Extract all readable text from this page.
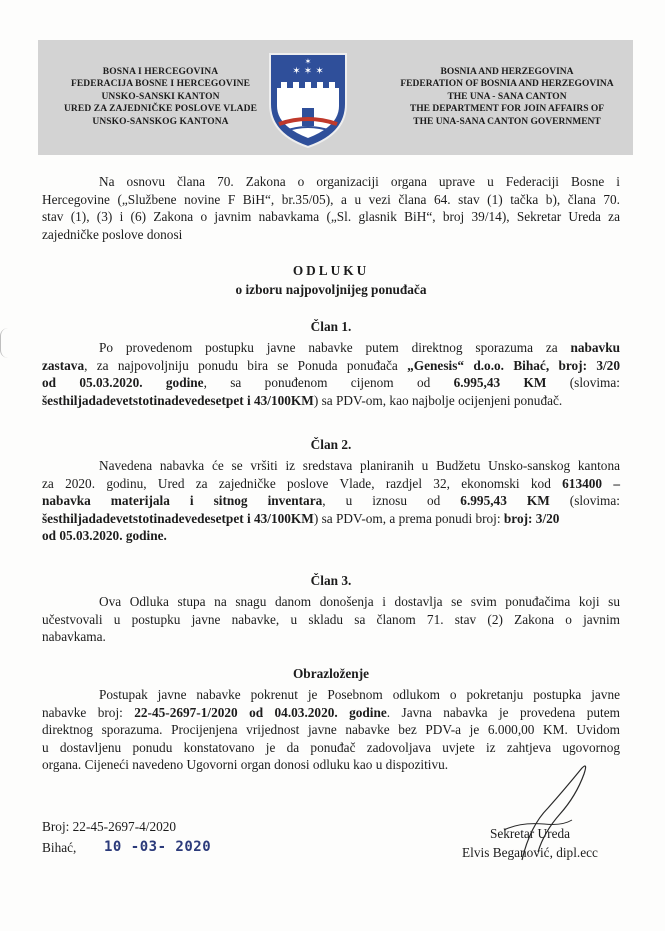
BOSNA I HERCEGOVINA
FEDERACIJA BOSNE I HERCEGOVINE
UNSKO-SANSKI KANTON
URED ZA ZAJEDNIČKE POSLOVE VLADE
UNSKO-SANSKOG KANTONA
✶ ✶ ✶
✶
BOSNIA AND HERZEGOVINA
FEDERATION OF BOSNIA AND HERZEGOVINA
THE UNA - SANA CANTON
THE DEPARTMENT FOR JOIN AFFAIRS OF
THE UNA-SANA CANTON GOVERNMENT
Na osnovu člana 70. Zakona o organizaciji organa uprave u Federaciji Bosne i
Hercegovine („Službene novine F BiH“, br.35/05), a u vezi člana 64. stav (1) tačka b), člana 70.
stav (1), (3) i (6) Zakona o javnim nabavkama („Sl. glasnik BiH“, broj 39/14), Sekretar Ureda za
zajedničke poslove donosi
ODLUKU
o izboru najpovoljnijeg ponuđača
Član 1.
Po provedenom postupku javne nabavke putem direktnog sporazuma za nabavku
zastava, za najpovoljniju ponudu bira se Ponuda ponuđača „Genesis“ d.o.o. Bihać, broj: 3/20
od 05.03.2020. godine, sa ponuđenom cijenom od 6.995,43 KM (slovima:
šesthiljadadevetstotinadevedesetpet i 43/100KM) sa PDV-om, kao najbolje ocijenjeni ponuđač.
Član 2.
Navedena nabavka će se vršiti iz sredstava planiranih u Budžetu Unsko-sanskog kantona
za 2020. godinu, Ured za zajedničke poslove Vlade, razdjel 32, ekonomski kod 613400 –
nabavka materijala i sitnog inventara, u iznosu od 6.995,43 KM (slovima:
šesthiljadadevetstotinadevedesetpet i 43/100KM) sa PDV-om, a prema ponudi broj: broj: 3/20
od 05.03.2020. godine.
Član 3.
Ova Odluka stupa na snagu danom donošenja i dostavlja se svim ponuđačima koji su
učestvovali u postupku javne nabavke, u skladu sa članom 71. stav (2) Zakona o javnim
nabavkama.
Obrazloženje
Postupak javne nabavke pokrenut je Posebnom odlukom o pokretanju postupka javne
nabavke broj: 22-45-2697-1/2020 od 04.03.2020. godine. Javna nabavka je provedena putem
direktnog sporazuma. Procijenjena vrijednost javne nabavke bez PDV-a je 6.000,00 KM. Uvidom
u dostavljenu ponudu konstatovano je da ponuđač zadovoljava uvjete iz zahtjeva ugovornog
organa. Cijeneći navedeno Ugovorni organ donosi odluku kao u dispozitivu.
Broj: 22-45-2697-4/2020
Bihać,	10 -03- 2020
Sekretar Ureda
Elvis Beganović, dipl.ecc
